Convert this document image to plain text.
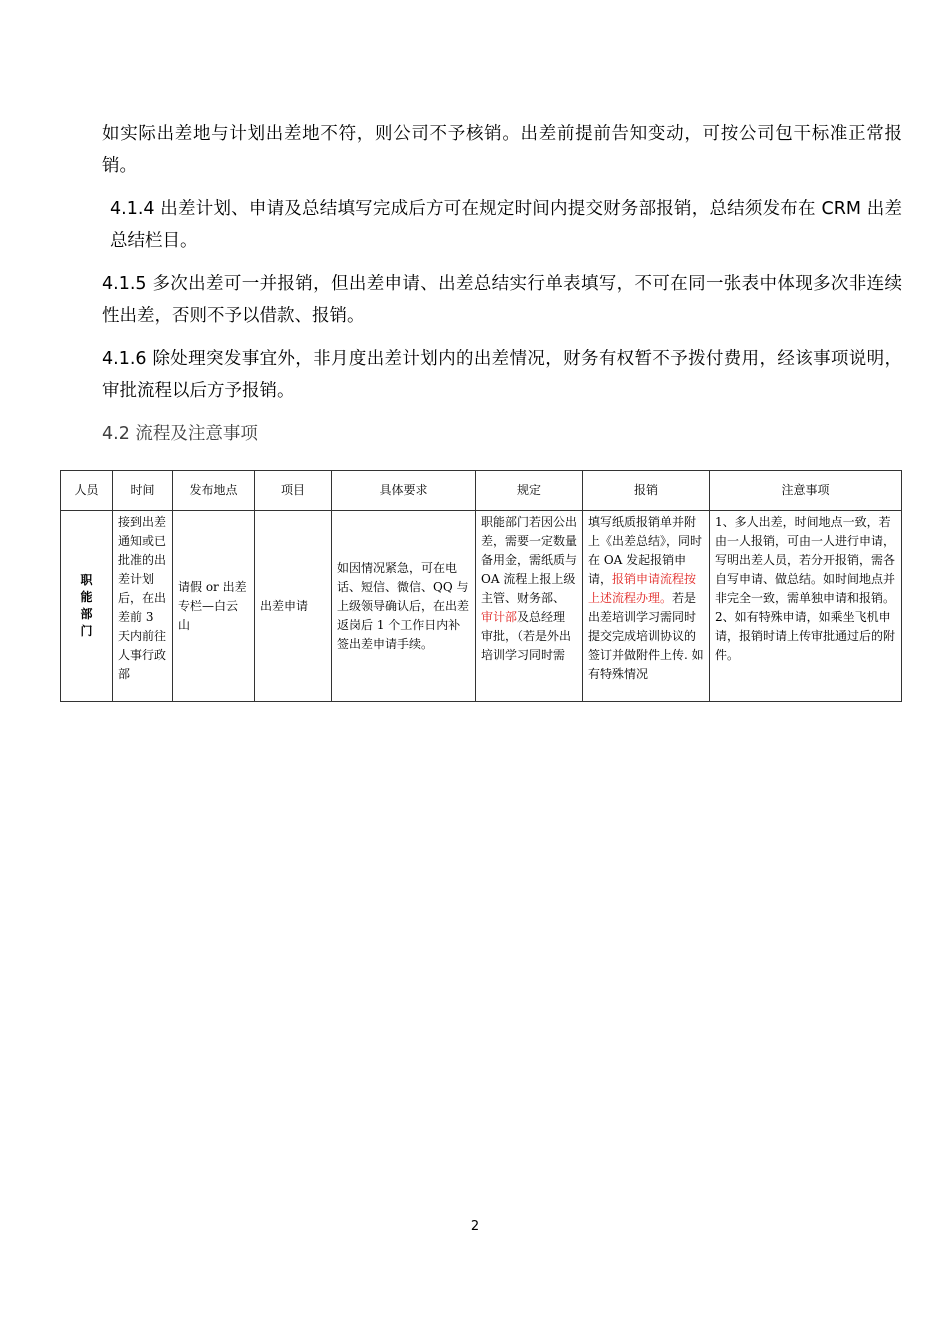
如实际出差地与计划出差地不符，则公司不予核销。出差前提前告知变动，可按公司包干标准正常报销。

4.1.4 出差计划、申请及总结填写完成后方可在规定时间内提交财务部报销，总结须发布在 CRM 出差总结栏目。

4.1.5 多次出差可一并报销，但出差申请、出差总结实行单表填写，不可在同一张表中体现多次非连续性出差，否则不予以借款、报销。

4.1.6 除处理突发事宜外，非月度出差计划内的出差情况，财务有权暂不予拨付费用，经该事项说明，审批流程以后方予报销。

4.2 流程及注意事项

人员	时间	发布地点	项目	具体要求	规定	报销	注意事项
职能部门	接到出差通知或已批准的出差计划后，在出差前 3 天内前往人事行政部	请假 or 出差专栏—白云山	出差申请	如因情况紧急，可在电话、短信、微信、QQ 与上级领导确认后，在出差返岗后 1 个工作日内补签出差申请手续。	职能部门若因公出差，需要一定数量备用金，需纸质与 OA 流程上报上级主管、财务部、审计部及总经理审批，（若是外出培训学习同时需	填写纸质报销单并附上《出差总结》，同时在 OA 发起报销申请，报销申请流程按上述流程办理。若是出差培训学习需同时提交完成培训协议的签订并做附件上传. 如有特殊情况	1、多人出差，时间地点一致，若由一人报销，可由一人进行申请，写明出差人员，若分开报销，需各自写申请、做总结。如时间地点并非完全一致，需单独申请和报销。2、如有特殊申请，如乘坐飞机申请，报销时请上传审批通过后的附件。
2
